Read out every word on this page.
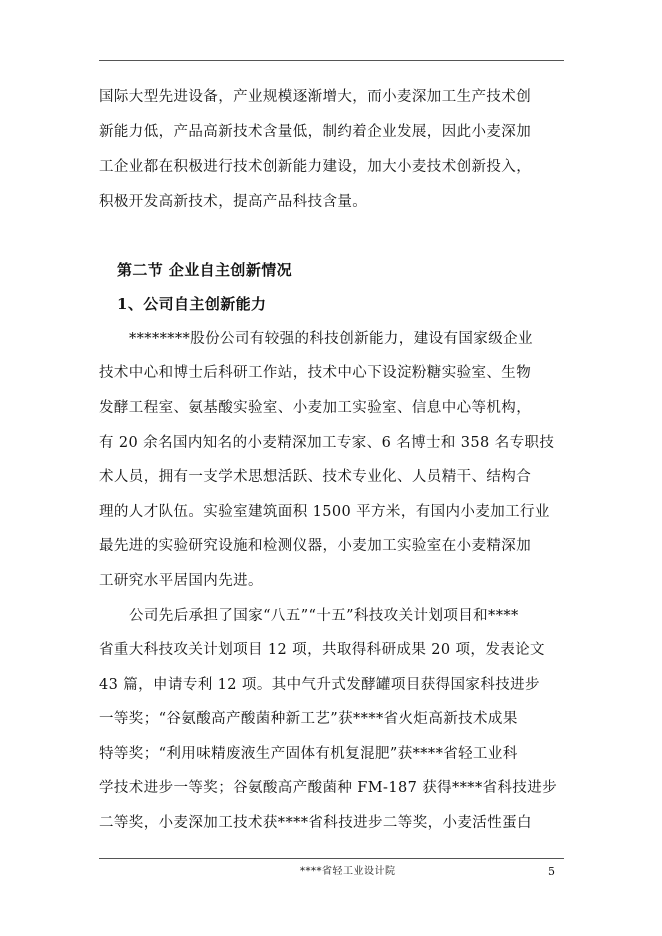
国际大型先进设备，产业规模逐渐增大，而小麦深加工生产技术创
新能力低，产品高新技术含量低，制约着企业发展，因此小麦深加
工企业都在积极进行技术创新能力建设，加大小麦技术创新投入，
积极开发高新技术，提高产品科技含量。
第二节 企业自主创新情况
1、公司自主创新能力
********股份公司有较强的科技创新能力，建设有国家级企业
技术中心和博士后科研工作站，技术中心下设淀粉糖实验室、生物
发酵工程室、氨基酸实验室、小麦加工实验室、信息中心等机构，
有 20 余名国内知名的小麦精深加工专家、6 名博士和 358 名专职技
术人员，拥有一支学术思想活跃、技术专业化、人员精干、结构合
理的人才队伍。实验室建筑面积 1500 平方米，有国内小麦加工行业
最先进的实验研究设施和检测仪器，小麦加工实验室在小麦精深加
工研究水平居国内先进。
公司先后承担了国家“八五”“十五”科技攻关计划项目和****
省重大科技攻关计划项目 12 项，共取得科研成果 20 项，发表论文
43 篇，申请专利 12 项。其中气升式发酵罐项目获得国家科技进步
一等奖；“谷氨酸高产酸菌种新工艺”获****省火炬高新技术成果
特等奖；“利用味精废液生产固体有机复混肥”获****省轻工业科
学技术进步一等奖；谷氨酸高产酸菌种 FM-187 获得****省科技进步
二等奖，小麦深加工技术获****省科技进步二等奖，小麦活性蛋白
****省轻工业设计院	5
